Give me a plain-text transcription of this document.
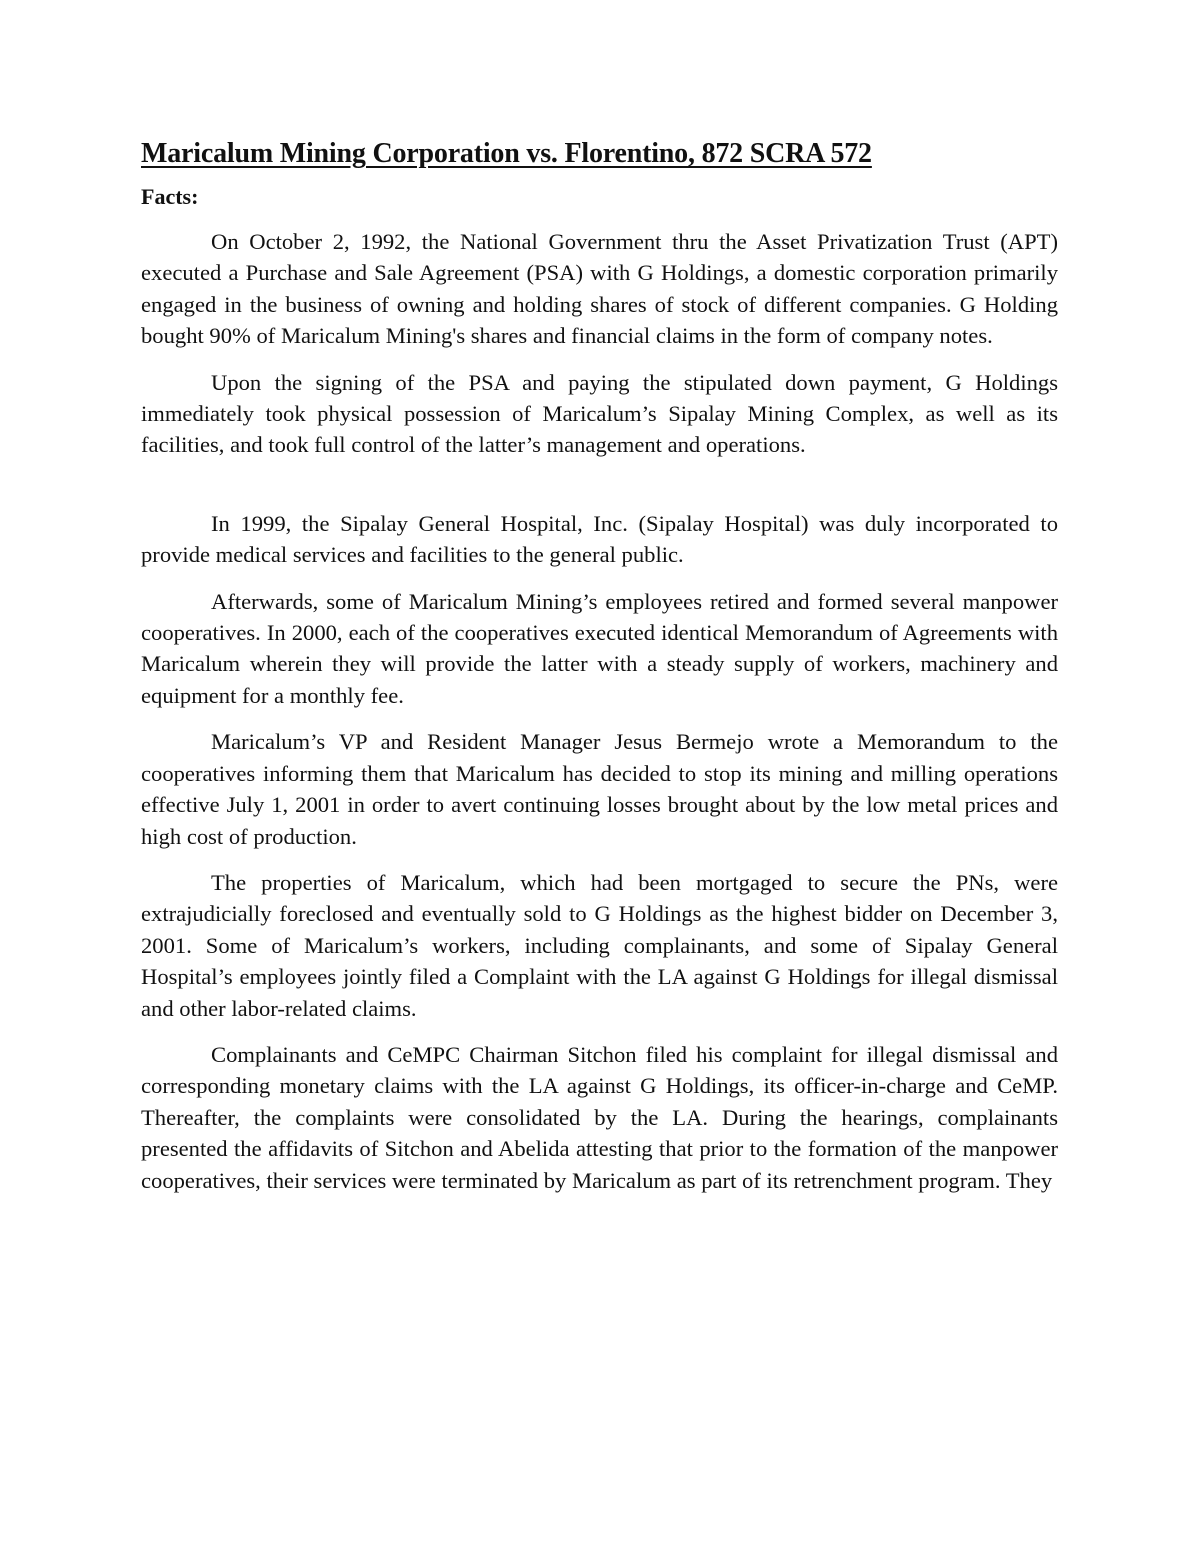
Maricalum Mining Corporation vs. Florentino, 872 SCRA 572
Facts:

On October 2, 1992, the National Government thru the Asset Privatization Trust (APT) executed a Purchase and Sale Agreement (PSA) with G Holdings, a domestic corporation primarily engaged in the business of owning and holding shares of stock of different companies. G Holding bought 90% of Maricalum Mining's shares and financial claims in the form of company notes.

Upon the signing of the PSA and paying the stipulated down payment, G Holdings immediately took physical possession of Maricalum’s Sipalay Mining Complex, as well as its facilities, and took full control of the latter’s management and operations.

In 1999, the Sipalay General Hospital, Inc. (Sipalay Hospital) was duly incorporated to provide medical services and facilities to the general public.

Afterwards, some of Maricalum Mining’s employees retired and formed several manpower cooperatives. In 2000, each of the cooperatives executed identical Memorandum of Agreements with Maricalum wherein they will provide the latter with a steady supply of workers, machinery and equipment for a monthly fee.

Maricalum’s VP and Resident Manager Jesus Bermejo wrote a Memorandum to the cooperatives informing them that Maricalum has decided to stop its mining and milling operations effective July 1, 2001 in order to avert continuing losses brought about by the low metal prices and high cost of production.

The properties of Maricalum, which had been mortgaged to secure the PNs, were extrajudicially foreclosed and eventually sold to G Holdings as the highest bidder on December 3, 2001. Some of Maricalum’s workers, including complainants, and some of Sipalay General Hospital’s employees jointly filed a Complaint with the LA against G Holdings for illegal dismissal and other labor-related claims.

Complainants and CeMPC Chairman Sitchon filed his complaint for illegal dismissal and corresponding monetary claims with the LA against G Holdings, its officer-in-charge and CeMP. Thereafter, the complaints were consolidated by the LA. During the hearings, complainants presented the affidavits of Sitchon and Abelida attesting that prior to the formation of the manpower cooperatives, their services were terminated by Maricalum as part of its retrenchment program. They
